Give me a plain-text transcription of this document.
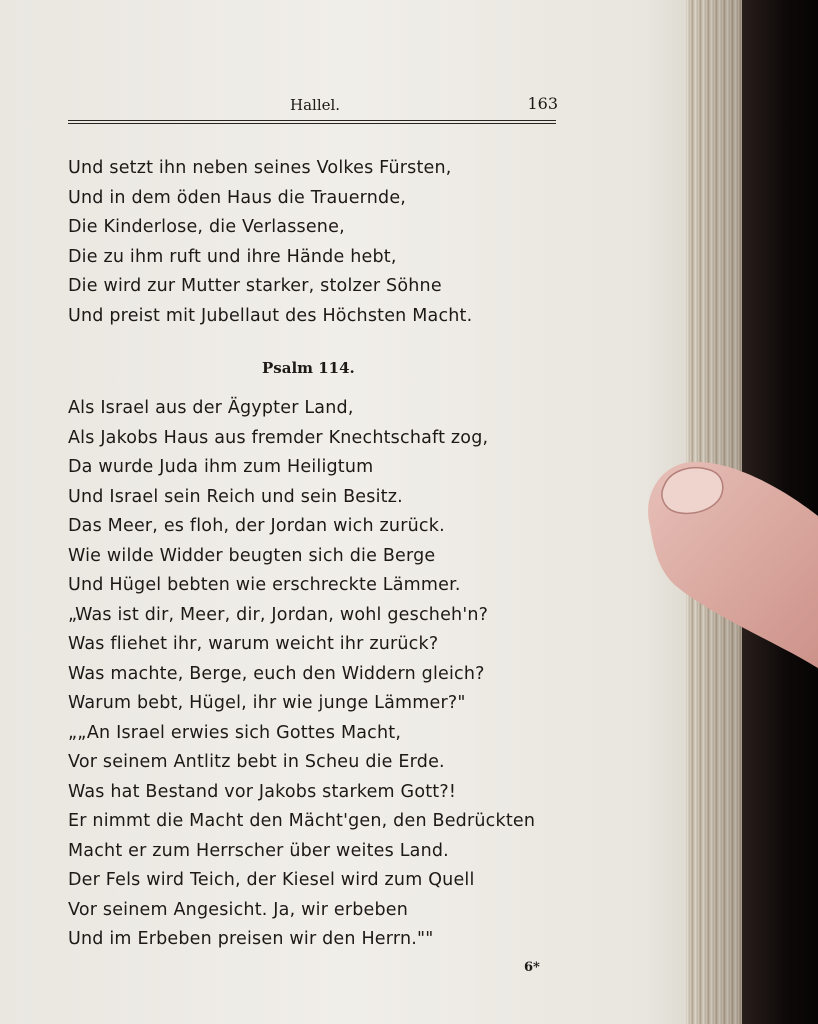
Hallel.	163
Und setzt ihn neben seines Volkes Fürsten,
Und in dem öden Haus die Trauernde,
Die Kinderlose, die Verlassene,
Die zu ihm ruft und ihre Hände hebt,
Die wird zur Mutter starker, stolzer Söhne
Und preist mit Jubellaut des Höchsten Macht.
Psalm 114.
Als Israel aus der Ägypter Land,
Als Jakobs Haus aus fremder Knechtschaft zog,
Da wurde Juda ihm zum Heiligtum
Und Israel sein Reich und sein Besitz.
Das Meer, es floh, der Jordan wich zurück.
Wie wilde Widder beugten sich die Berge
Und Hügel bebten wie erschreckte Lämmer.
„Was ist dir, Meer, dir, Jordan, wohl gescheh'n?
Was fliehet ihr, warum weicht ihr zurück?
Was machte, Berge, euch den Widdern gleich?
Warum bebt, Hügel, ihr wie junge Lämmer?"
„„An Israel erwies sich Gottes Macht,
Vor seinem Antlitz bebt in Scheu die Erde.
Was hat Bestand vor Jakobs starkem Gott?!
Er nimmt die Macht den Mächt'gen, den Bedrückten
Macht er zum Herrscher über weites Land.
Der Fels wird Teich, der Kiesel wird zum Quell
Vor seinem Angesicht. Ja, wir erbeben
Und im Erbeben preisen wir den Herrn.""
6*
